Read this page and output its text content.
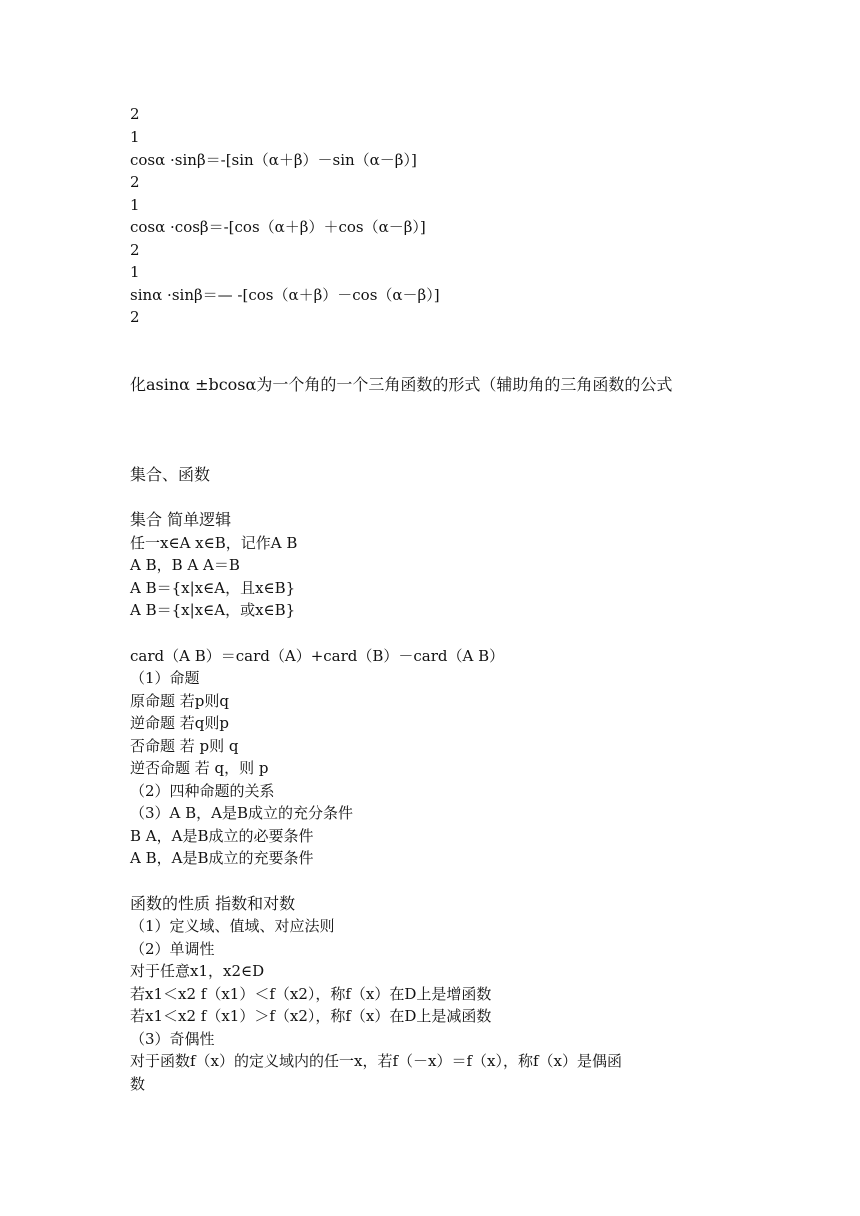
2
1
cosα ·sinβ＝-[sin（α＋β）－sin（α－β）]
2
1
cosα ·cosβ＝-[cos（α＋β）＋cos（α－β）]
2
1
sinα ·sinβ＝— -[cos（α＋β）－cos（α－β）]
2
化asinα ±bcosα为一个角的一个三角函数的形式（辅助角的三角函数的公式
集合、函数
集合 简单逻辑
任一x∈A x∈B，记作A B
A B，B A A＝B
A B＝{x|x∈A，且x∈B}
A B＝{x|x∈A，或x∈B}
card（A B）＝card（A）+card（B）－card（A B）
（1）命题
原命题 若p则q
逆命题 若q则p
否命题 若 p则 q
逆否命题 若 q，则 p
（2）四种命题的关系
（3）A B，A是B成立的充分条件
B A，A是B成立的必要条件
A B，A是B成立的充要条件
函数的性质 指数和对数
（1）定义域、值域、对应法则
（2）单调性
对于任意x1，x2∈D
若x1＜x2 f（x1）＜f（x2），称f（x）在D上是增函数
若x1＜x2 f（x1）＞f（x2），称f（x）在D上是减函数
（3）奇偶性
对于函数f（x）的定义域内的任一x，若f（－x）＝f（x），称f（x）是偶函
数
